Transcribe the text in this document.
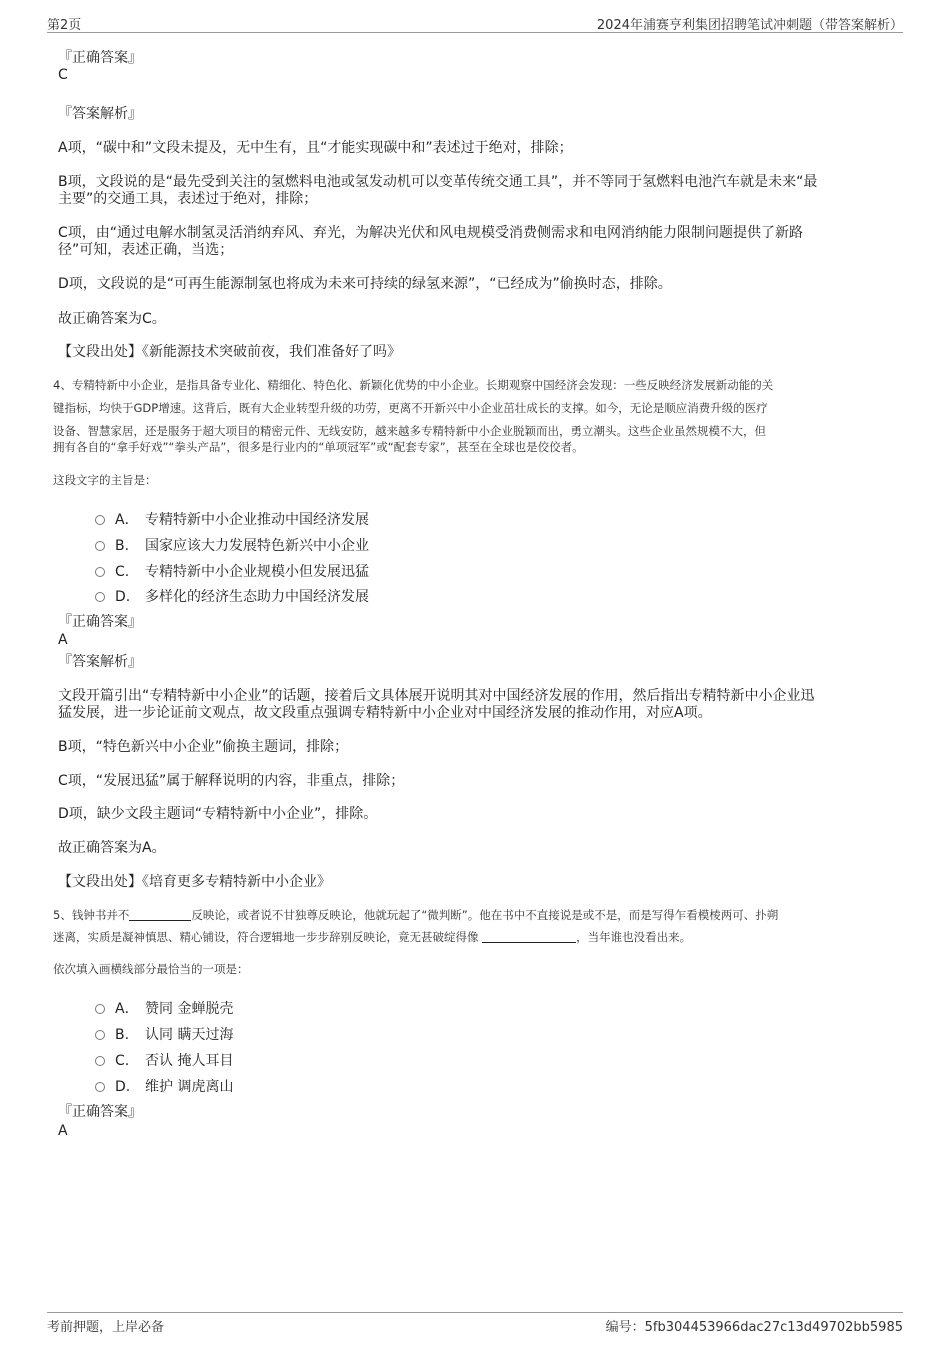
第2页	2024年浦赛亨利集团招聘笔试冲刺题（带答案解析）
『正确答案』
C
『答案解析』
A项，“碳中和”文段未提及，无中生有，且“才能实现碳中和”表述过于绝对，排除；
B项，文段说的是“最先受到关注的氢燃料电池或氢发动机可以变革传统交通工具”，并不等同于氢燃料电池汽车就是未来“最
主要”的交通工具，表述过于绝对，排除；
C项，由“通过电解水制氢灵活消纳弃风、弃光，为解决光伏和风电规模受消费侧需求和电网消纳能力限制问题提供了新路
径”可知，表述正确，当选；
D项，文段说的是“可再生能源制氢也将成为未来可持续的绿氢来源”，“已经成为”偷换时态，排除。
故正确答案为C。
【文段出处】《新能源技术突破前夜，我们准备好了吗》
4、专精特新中小企业，是指具备专业化、精细化、特色化、新颖化优势的中小企业。长期观察中国经济会发现：一些反映经济发展新动能的关
键指标，均快于GDP增速。这背后，既有大企业转型升级的功劳，更离不开新兴中小企业茁壮成长的支撑。如今，无论是顺应消费升级的医疗
设备、智慧家居，还是服务于超大项目的精密元件、无线安防，越来越多专精特新中小企业脱颖而出，勇立潮头。这些企业虽然规模不大，但
拥有各自的“拿手好戏”“拳头产品”，很多是行业内的“单项冠军”或“配套专家”，甚至在全球也是佼佼者。
这段文字的主旨是：
A． 专精特新中小企业推动中国经济发展
B. 国家应该大力发展特色新兴中小企业
C. 专精特新中小企业规模小但发展迅猛
D. 多样化的经济生态助力中国经济发展
『正确答案』
A
『答案解析』
文段开篇引出“专精特新中小企业”的话题，接着后文具体展开说明其对中国经济发展的作用，然后指出专精特新中小企业迅
猛发展，进一步论证前文观点，故文段重点强调专精特新中小企业对中国经济发展的推动作用，对应A项。
B项，“特色新兴中小企业”偷换主题词，排除；
C项，“发展迅猛”属于解释说明的内容，非重点，排除；
D项，缺少文段主题词“专精特新中小企业”，排除。
故正确答案为A。
【文段出处】《培育更多专精特新中小企业》
5、钱钟书并不	反映论，或者说不甘独尊反映论，他就玩起了“微判断”。他在书中不直接说是或不是，而是写得乍看模棱两可、扑朔
迷离，实质是凝神慎思、精心铺设，符合逻辑地一步步辞别反映论，竟无甚破绽得像	，当年谁也没看出来。
依次填入画横线部分最恰当的一项是：
A． 赞同 金蝉脱壳
B. 认同 瞒天过海
C. 否认 掩人耳目
D. 维护 调虎离山
『正确答案』
A
考前押题，上岸必备	编号：5fb304453966dac27c13d49702bb5985
